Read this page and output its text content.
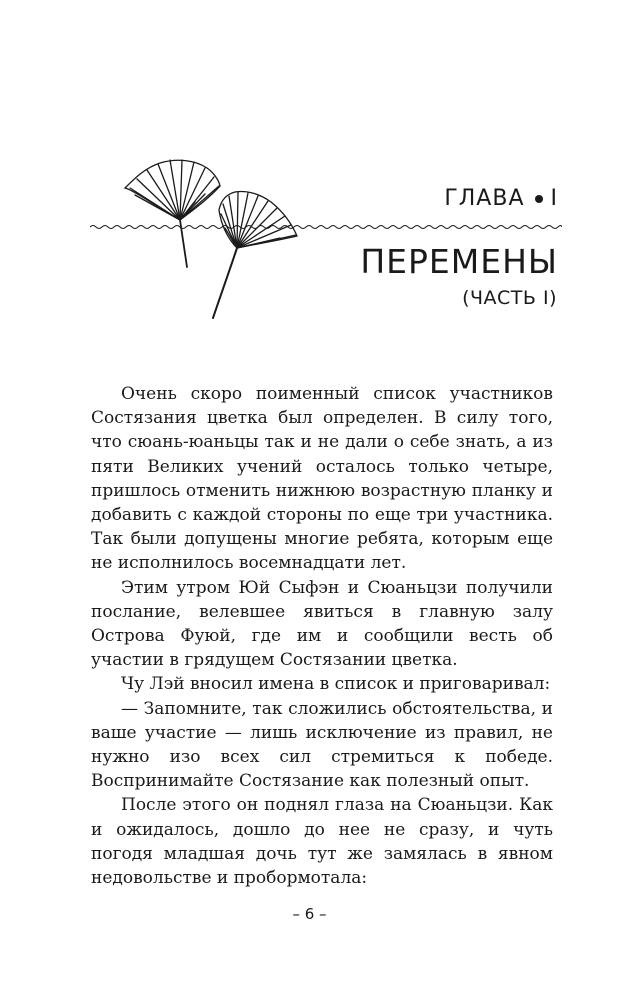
ГЛАВА I
ПЕРЕМЕНЫ
(ЧАСТЬ I)

Очень скоро поименный список участников Состязания цветка был определен. В силу того, что сюань-юаньцы так и не дали о себе знать, а из пяти Великих учений осталось только четыре, пришлось отменить нижнюю возрастную планку и добавить с каждой стороны по еще три участника. Так были допущены многие ребята, которым еще не исполнилось восемнадцати лет.

Этим утром Юй Сыфэн и Сюаньцзи получили послание, велевшее явиться в главную залу Острова Фуюй, где им и сообщили весть об участии в грядущем Состязании цветка.

Чу Лэй вносил имена в список и приговаривал:

— Запомните, так сложились обстоятельства, и ваше участие — лишь исключение из правил, не нужно изо всех сил стремиться к победе. Воспринимайте Состязание как полезный опыт.

После этого он поднял глаза на Сюаньцзи. Как и ожидалось, дошло до нее не сразу, и чуть погодя младшая дочь тут же замялась в явном недовольстве и пробормотала:

– 6 –
